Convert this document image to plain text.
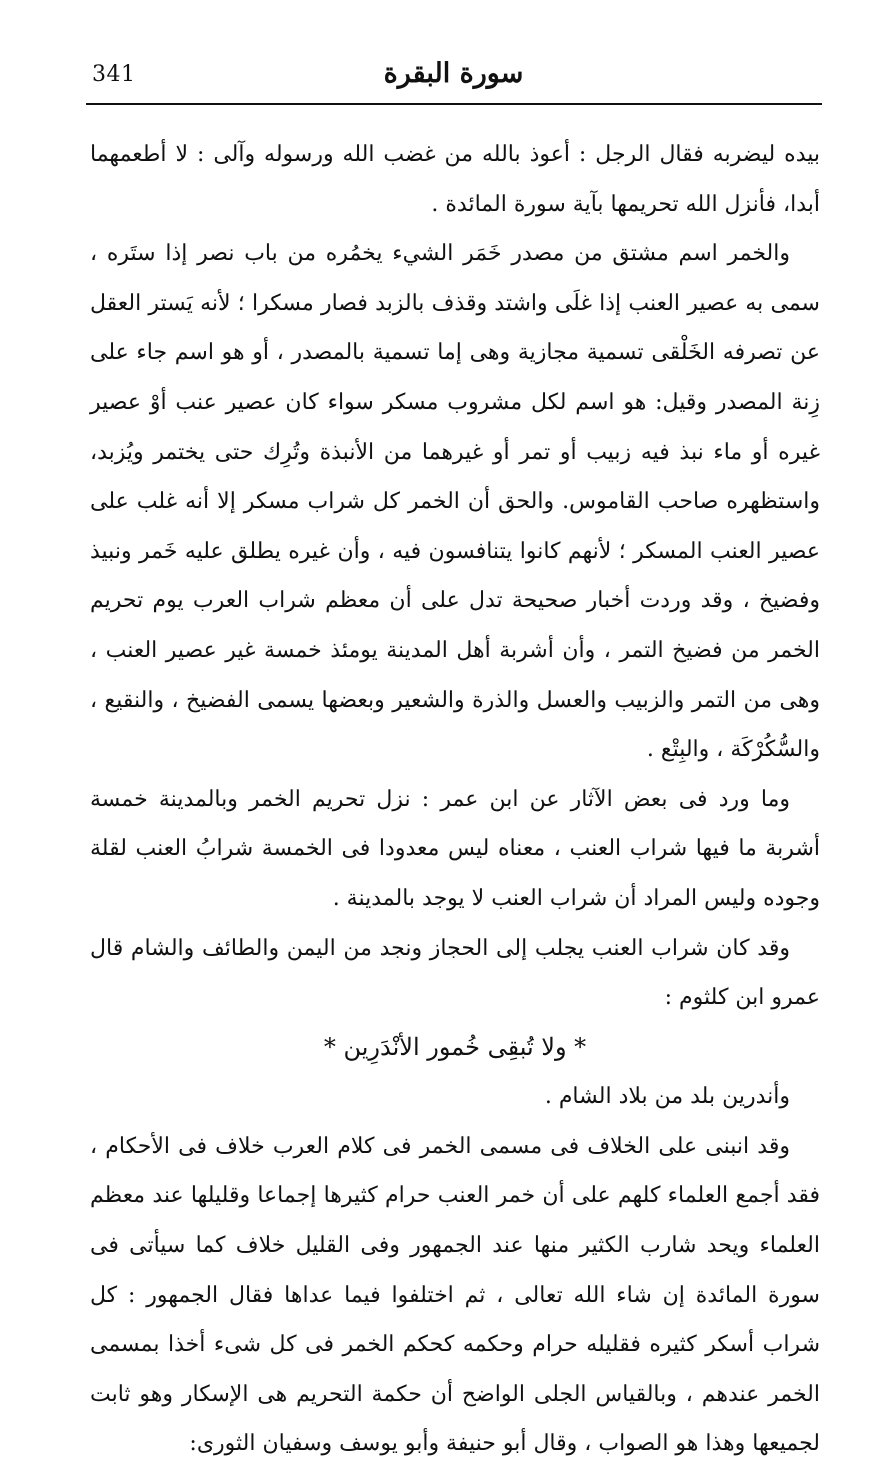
341	سورة البقرة

بيده ليضربه فقال الرجل : أعوذ بالله من غضب الله ورسوله وآلى : لا أطعمهما أبدا، فأنزل الله تحريمها بآية سورة المائدة .

والخمر اسم مشتق من مصدر خَمَر الشيء يخمُره من باب نصر إذا ستَره ، سمى به عصير العنب إذا غلَى واشتد وقذف بالزبد فصار مسكرا ؛ لأنه يَستر العقل عن تصرفه الخَلْقى تسمية مجازية وهى إما تسمية بالمصدر ، أو هو اسم جاء على زِنة المصدر وقيل: هو اسم لكل مشروب مسكر سواء كان عصير عنب أوْ عصير غيره أو ماء نبذ فيه زبيب أو تمر أو غيرهما من الأنبذة وتُرِك حتى يختمر ويُزبد، واستظهره صاحب القاموس. والحق أن الخمر كل شراب مسكر إلا أنه غلب على عصير العنب المسكر ؛ لأنهم كانوا يتنافسون فيه ، وأن غيره يطلق عليه خَمر ونبيذ وفضيخ ، وقد وردت أخبار صحيحة تدل على أن معظم شراب العرب يوم تحريم الخمر من فضيخ التمر ، وأن أشربة أهل المدينة يومئذ خمسة غير عصير العنب ، وهى من التمر والزبيب والعسل والذرة والشعير وبعضها يسمى الفضيخ ، والنقيع ، والسُّكُرْكَة ، والبِتْع .

وما ورد فى بعض الآثار عن ابن عمر : نزل تحريم الخمر وبالمدينة خمسة أشربة ما فيها شراب العنب ، معناه ليس معدودا فى الخمسة شرابُ العنب لقلة وجوده وليس المراد أن شراب العنب لا يوجد بالمدينة .

وقد كان شراب العنب يجلب إلى الحجاز ونجد من اليمن والطائف والشام قال عمرو ابن كلثوم :

* ولا تُبقِى خُمور الأنْدَرِين *

وأندرين بلد من بلاد الشام .

وقد انبنى على الخلاف فى مسمى الخمر فى كلام العرب خلاف فى الأحكام ، فقد أجمع العلماء كلهم على أن خمر العنب حرام كثيرها إجماعا وقليلها عند معظم العلماء ويحد شارب الكثير منها عند الجمهور وفى القليل خلاف كما سيأتى فى سورة المائدة إن شاء الله تعالى ، ثم اختلفوا فيما عداها فقال الجمهور : كل شراب أسكر كثيره فقليله حرام وحكمه كحكم الخمر فى كل شىء أخذا بمسمى الخمر عندهم ، وبالقياس الجلى الواضح أن حكمة التحريم هى الإسكار وهو ثابت لجميعها وهذا هو الصواب ، وقال أبو حنيفة وأبو يوسف وسفيان الثورى:
